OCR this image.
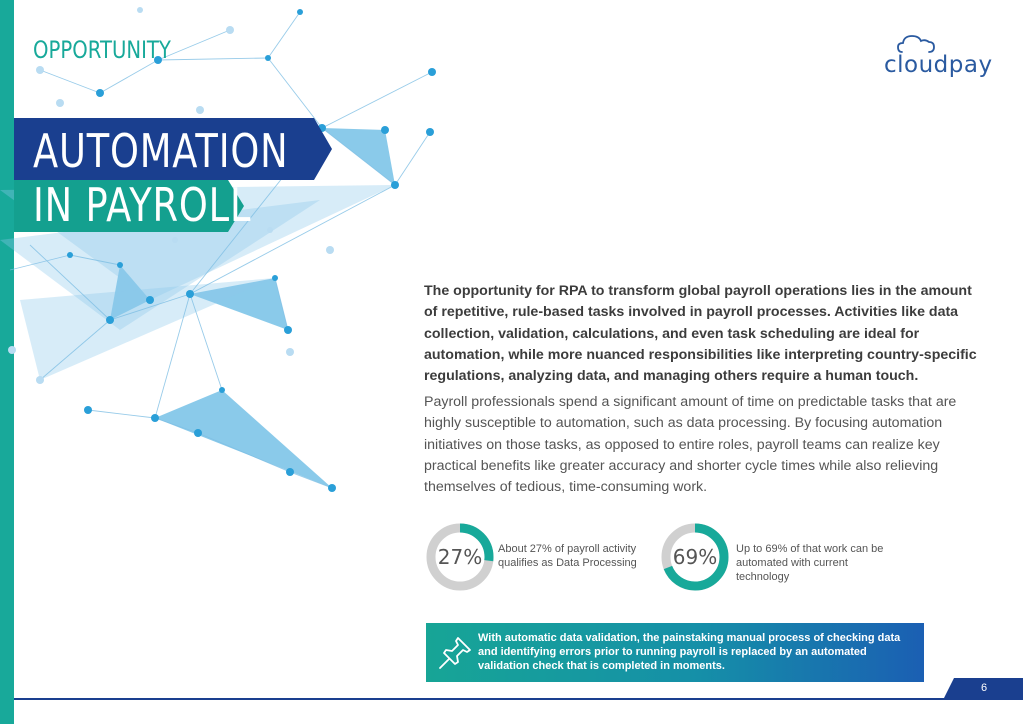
OPPORTUNITY
AUTOMATION
IN PAYROLL
cloudpay
The opportunity for RPA to transform global payroll operations lies in the amount of repetitive, rule-based tasks involved in payroll processes. Activities like data collection, validation, calculations, and even task scheduling are ideal for automation, while more nuanced responsibilities like interpreting country-specific regulations, analyzing data, and managing others require a human touch.
Payroll professionals spend a significant amount of time on predictable tasks that are highly susceptible to automation, such as data processing. By focusing automation initiatives on those tasks, as opposed to entire roles, payroll teams can realize key practical benefits like greater accuracy and shorter cycle times while also relieving themselves of tedious, time-consuming work.
27%	About 27% of payroll activity qualifies as Data Processing	69%	Up to 69% of that work can be automated with current technology
With automatic data validation, the painstaking manual process of checking data and identifying errors prior to running payroll is replaced by an automated validation check that is completed in moments.
6
